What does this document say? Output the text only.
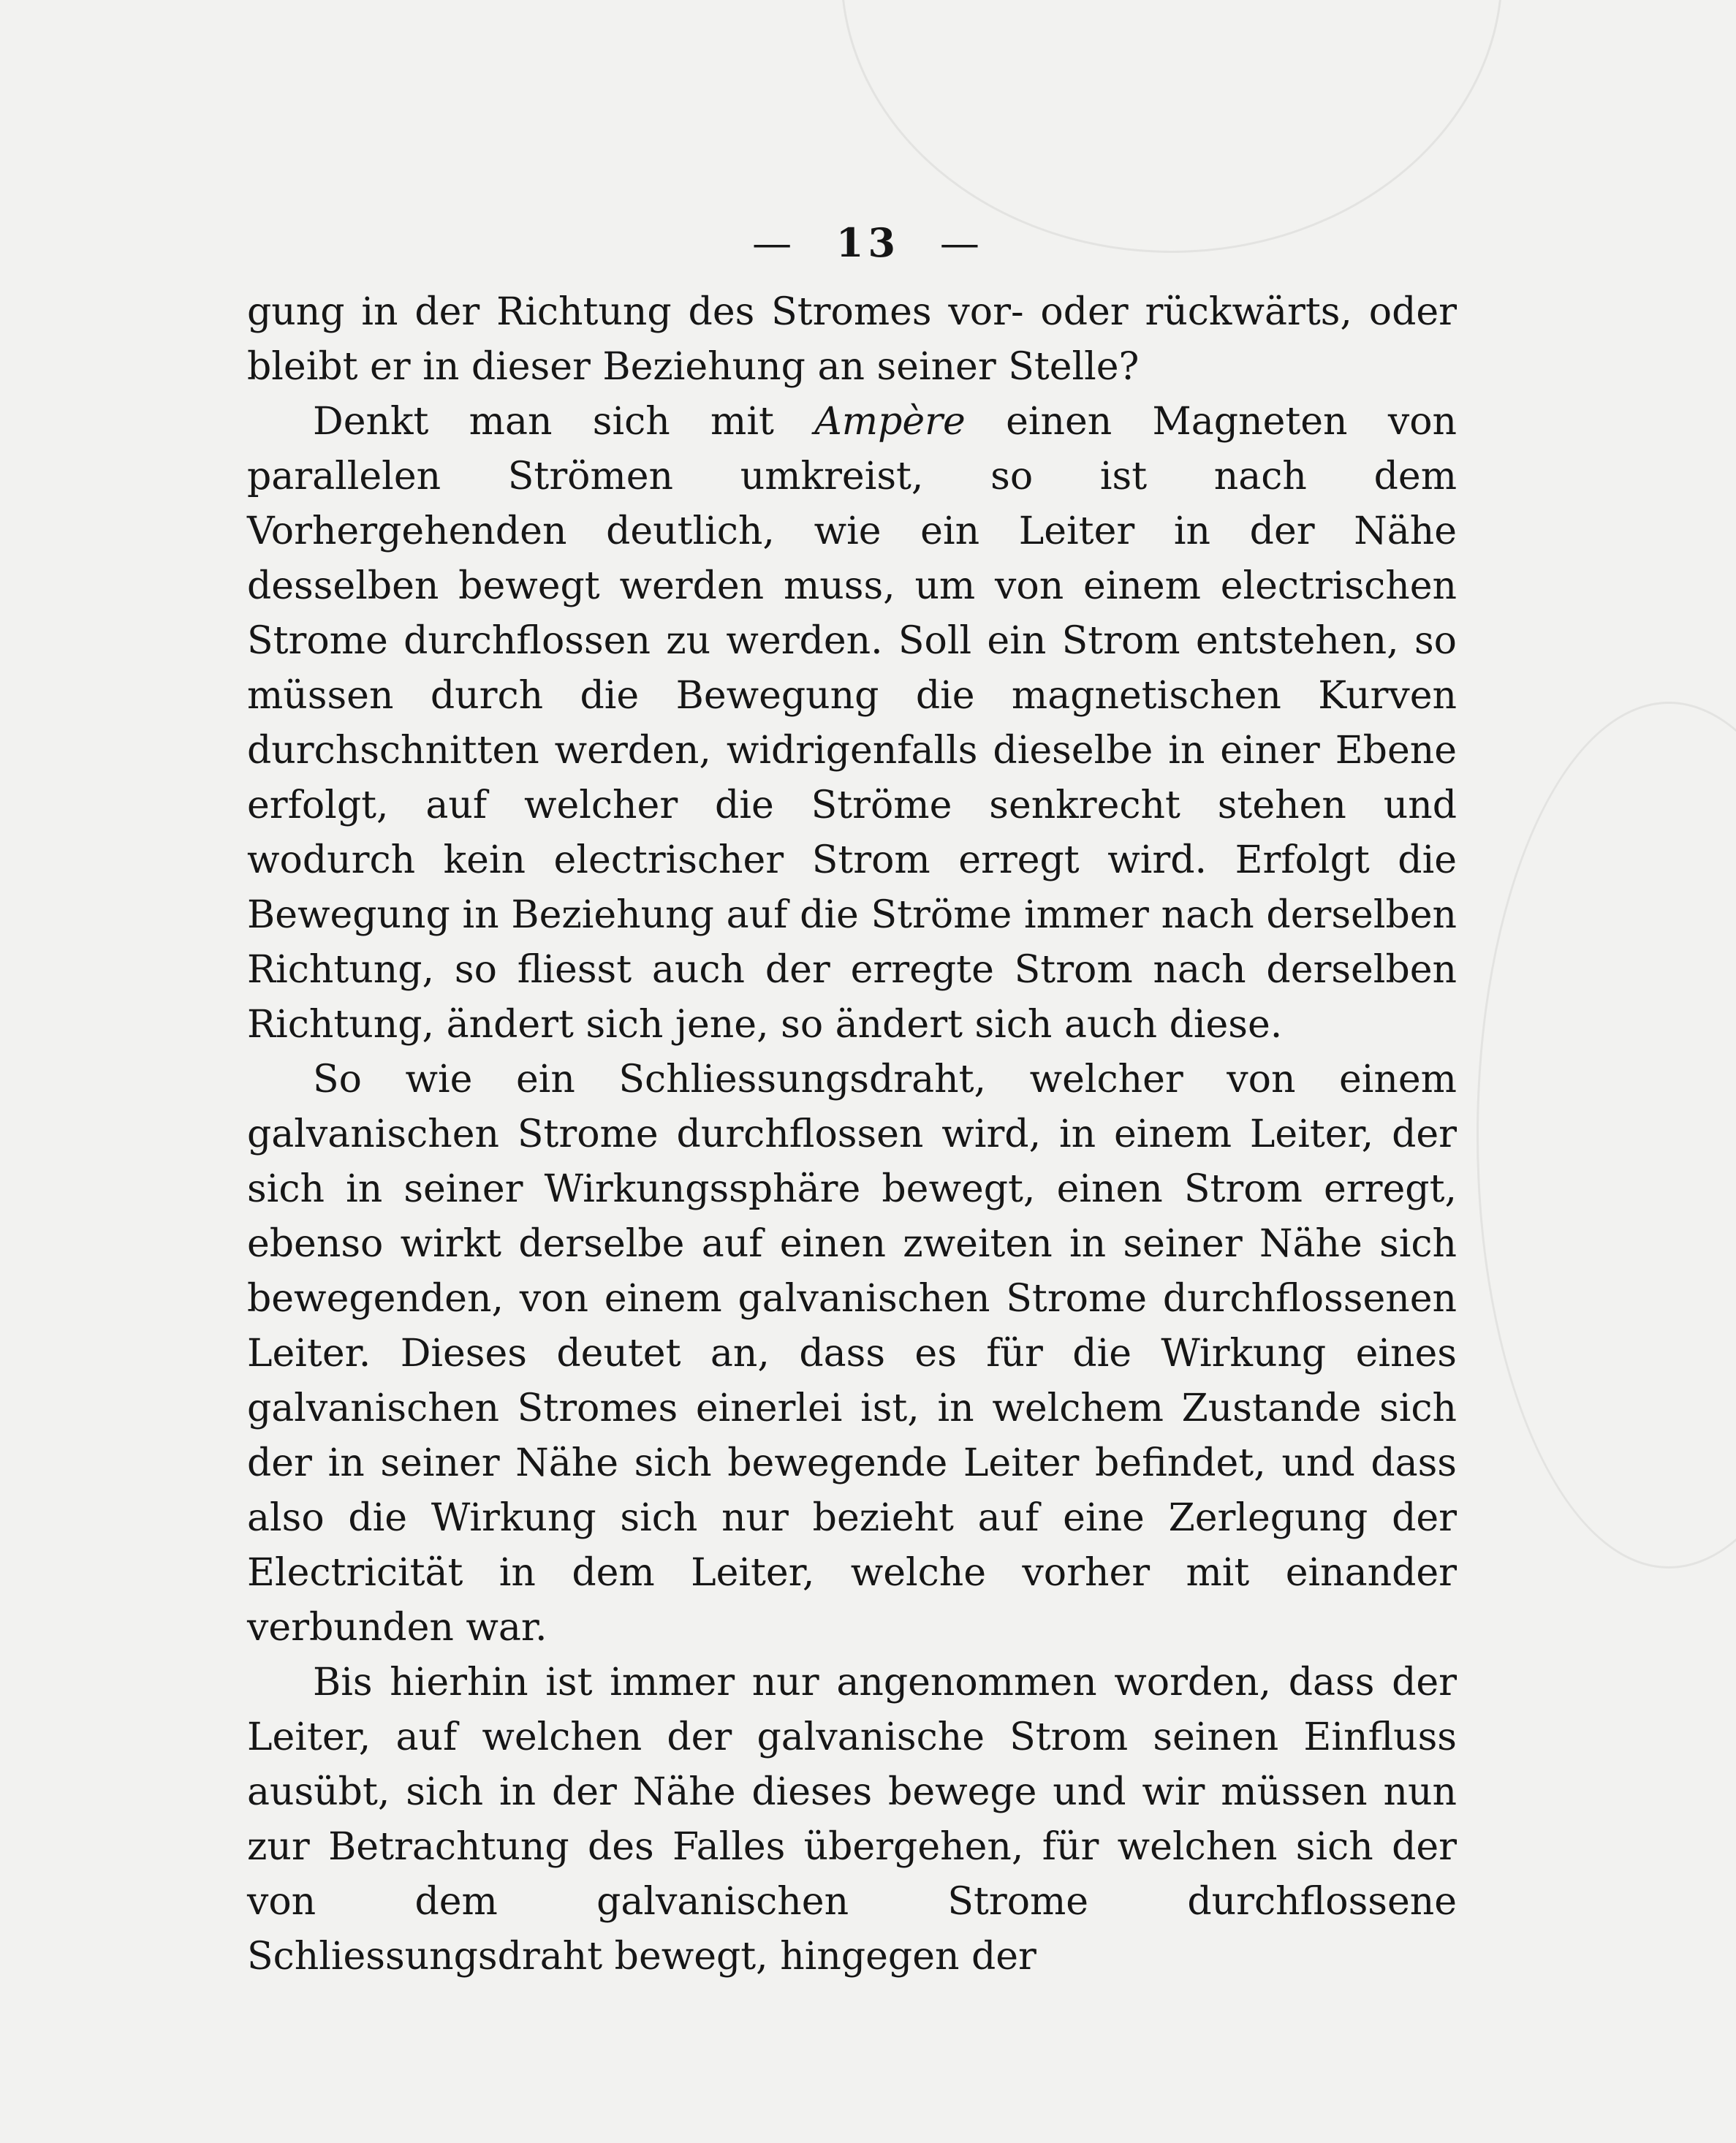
— 13 —

gung in der Richtung des Stromes vor- oder rückwärts, oder bleibt er in dieser Beziehung an seiner Stelle?

Denkt man sich mit Ampère einen Magneten von parallelen Strömen umkreist, so ist nach dem Vorhergehenden deutlich, wie ein Leiter in der Nähe desselben bewegt werden muss, um von einem electrischen Strome durchflossen zu werden. Soll ein Strom entstehen, so müssen durch die Bewegung die magnetischen Kurven durchschnitten werden, widrigenfalls dieselbe in einer Ebene erfolgt, auf welcher die Ströme senkrecht stehen und wodurch kein electrischer Strom erregt wird. Erfolgt die Bewegung in Beziehung auf die Ströme immer nach derselben Richtung, so fliesst auch der erregte Strom nach derselben Richtung, ändert sich jene, so ändert sich auch diese.

So wie ein Schliessungsdraht, welcher von einem galvanischen Strome durchflossen wird, in einem Leiter, der sich in seiner Wirkungssphäre bewegt, einen Strom erregt, ebenso wirkt derselbe auf einen zweiten in seiner Nähe sich bewegenden, von einem galvanischen Strome durchflossenen Leiter. Dieses deutet an, dass es für die Wirkung eines galvanischen Stromes einerlei ist, in welchem Zustande sich der in seiner Nähe sich bewegende Leiter befindet, und dass also die Wirkung sich nur bezieht auf eine Zerlegung der Electricität in dem Leiter, welche vorher mit einander verbunden war.

Bis hierhin ist immer nur angenommen worden, dass der Leiter, auf welchen der galvanische Strom seinen Einfluss ausübt, sich in der Nähe dieses bewege und wir müssen nun zur Betrachtung des Falles übergehen, für welchen sich der von dem galvanischen Strome durchflossene Schliessungsdraht bewegt, hingegen der
